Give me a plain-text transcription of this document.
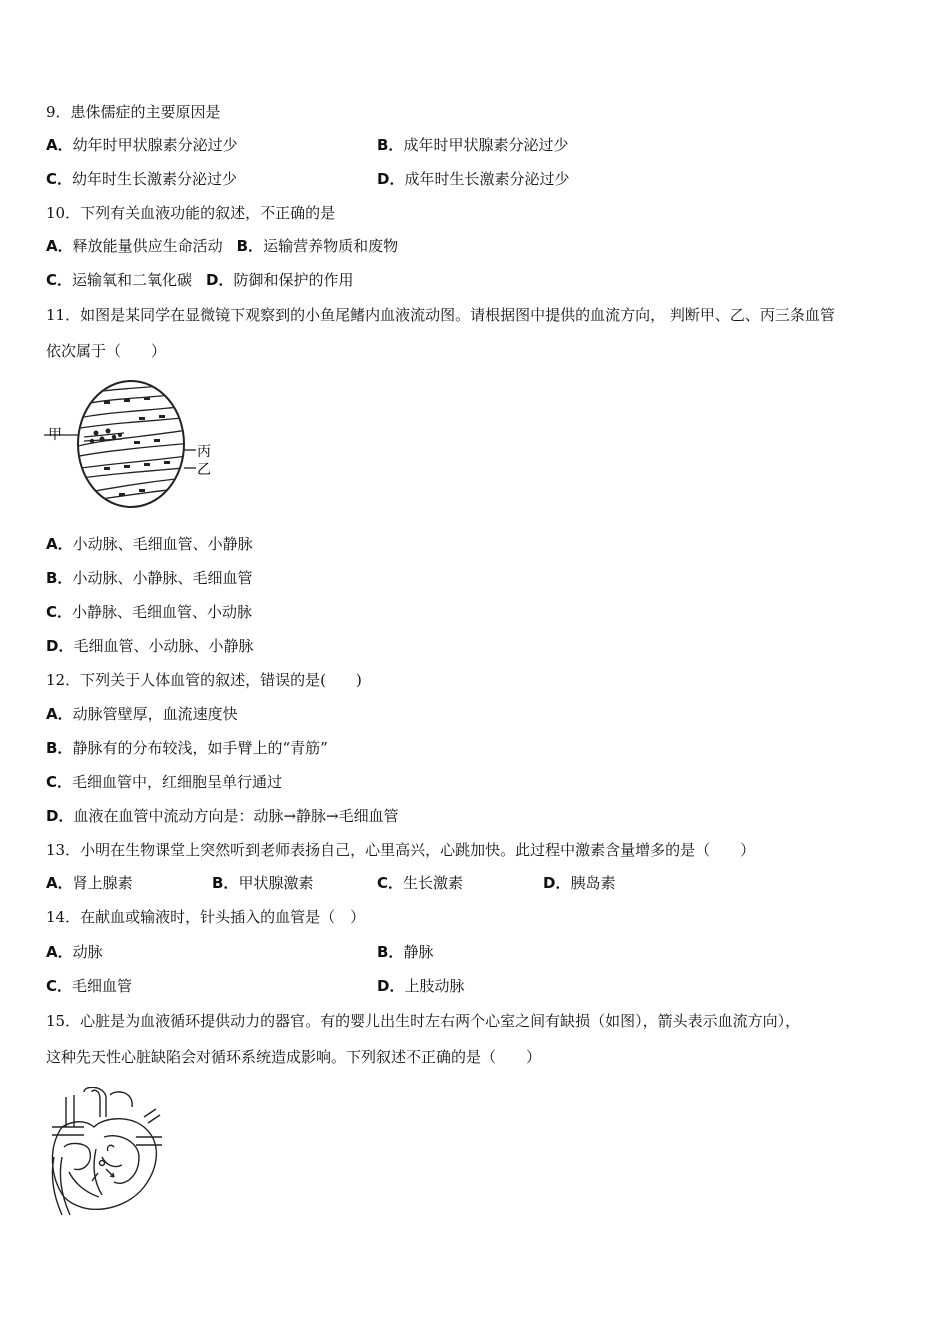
9．患侏儒症的主要原因是
A．幼年时甲状腺素分泌过少	B．成年时甲状腺素分泌过少
C．幼年时生长激素分泌过少	D．成年时生长激素分泌过少
10．下列有关血液功能的叙述，不正确的是
A．释放能量供应生命活动 B．运输营养物质和废物
C．运输氧和二氧化碳 D．防御和保护的作用
11．如图是某同学在显微镜下观察到的小鱼尾鳍内血液流动图。请根据图中提供的血流方向， 判断甲、乙、丙三条血管
依次属于（　　）
甲
丙
乙
A．小动脉、毛细血管、小静脉
B．小动脉、小静脉、毛细血管
C．小静脉、毛细血管、小动脉
D．毛细血管、小动脉、小静脉
12．下列关于人体血管的叙述，错误的是(　　)
A．动脉管壁厚，血流速度快
B．静脉有的分布较浅，如手臂上的“青筋”
C．毛细血管中，红细胞呈单行通过
D．血液在血管中流动方向是：动脉→静脉→毛细血管
13．小明在生物课堂上突然听到老师表扬自己，心里高兴，心跳加快。此过程中激素含量增多的是（　　）
A．肾上腺素	B．甲状腺激素	C．生长激素	D．胰岛素
14．在献血或输液时，针头插入的血管是（　）
A．动脉	B．静脉
C．毛细血管	D．上肢动脉
15．心脏是为血液循环提供动力的器官。有的婴儿出生时左右两个心室之间有缺损（如图），箭头表示血流方向），
这种先天性心脏缺陷会对循环系统造成影响。下列叙述不正确的是（　　）
